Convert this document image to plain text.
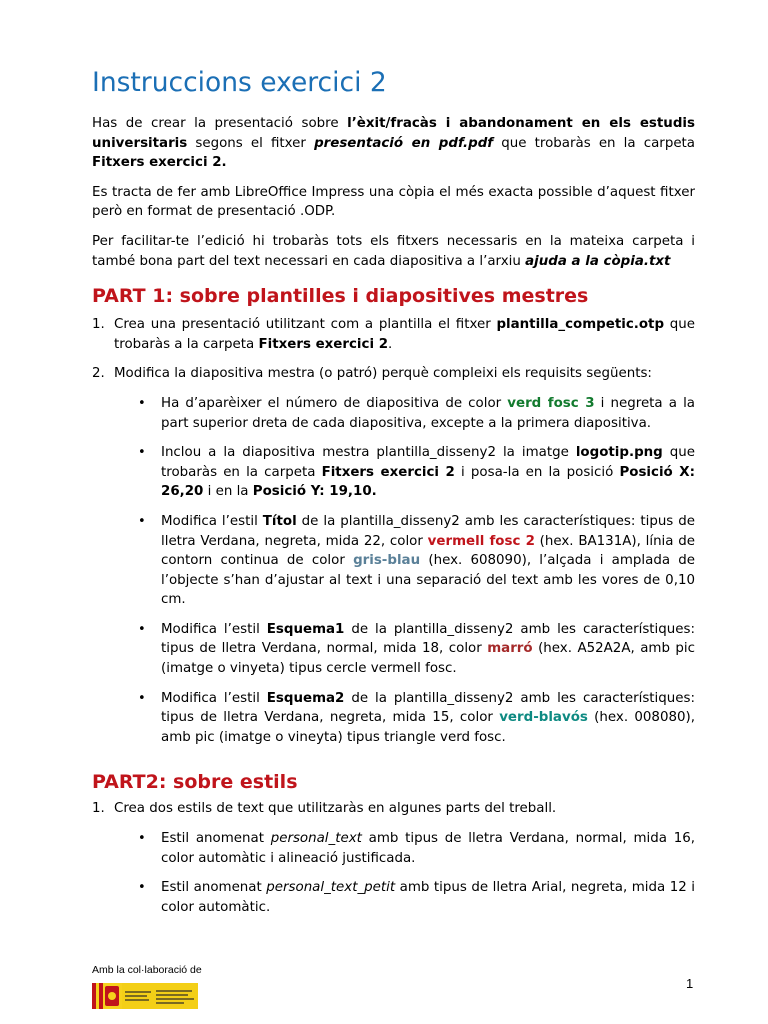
Instruccions exercici 2

Has de crear la presentació sobre l’èxit/fracàs i abandonament en els estudis universitaris segons el fitxer presentació en pdf.pdf que trobaràs en la carpeta Fitxers exercici 2.

Es tracta de fer amb LibreOffice Impress una còpia el més exacta possible d’aquest fitxer però en format de presentació .ODP.

Per facilitar-te l’edició hi trobaràs tots els fitxers necessaris en la mateixa carpeta i també bona part del text necessari en cada diapositiva a l’arxiu ajuda a la còpia.txt

PART 1: sobre plantilles i diapositives mestres
1. Crea una presentació utilitzant com a plantilla el fitxer plantilla_competic.otp que trobaràs a la carpeta Fitxers exercici 2.
2. Modifica la diapositiva mestra (o patró) perquè compleixi els requisits següents:
• Ha d’aparèixer el número de diapositiva de color verd fosc 3 i negreta a la part superior dreta de cada diapositiva, excepte a la primera diapositiva.
• Inclou a la diapositiva mestra plantilla_disseny2 la imatge logotip.png que trobaràs en la carpeta Fitxers exercici 2 i posa-la en la posició Posició X: 26,20 i en la Posició Y: 19,10.
• Modifica l’estil Títol de la plantilla_disseny2 amb les característiques: tipus de lletra Verdana, negreta, mida 22, color vermell fosc 2 (hex. BA131A), línia de contorn continua de color gris-blau (hex. 608090), l’alçada i amplada de l’objecte s’han d’ajustar al text i una separació del text amb les vores de 0,10 cm.
• Modifica l’estil Esquema1 de la plantilla_disseny2 amb les característiques: tipus de lletra Verdana, normal, mida 18, color marró (hex. A52A2A, amb pic (imatge o vinyeta) tipus cercle vermell fosc.
• Modifica l’estil Esquema2 de la plantilla_disseny2 amb les característiques: tipus de lletra Verdana, negreta, mida 15, color verd-blavós (hex. 008080), amb pic (imatge o vineyta) tipus triangle verd fosc.
PART2: sobre estils
1. Crea dos estils de text que utilitzaràs en algunes parts del treball.
• Estil anomenat personal_text amb tipus de lletra Verdana, normal, mida 16, color automàtic i alineació justificada.
• Estil anomenat personal_text_petit amb tipus de lletra Arial, negreta, mida 12 i color automàtic.
Amb la col·laboració de
1
